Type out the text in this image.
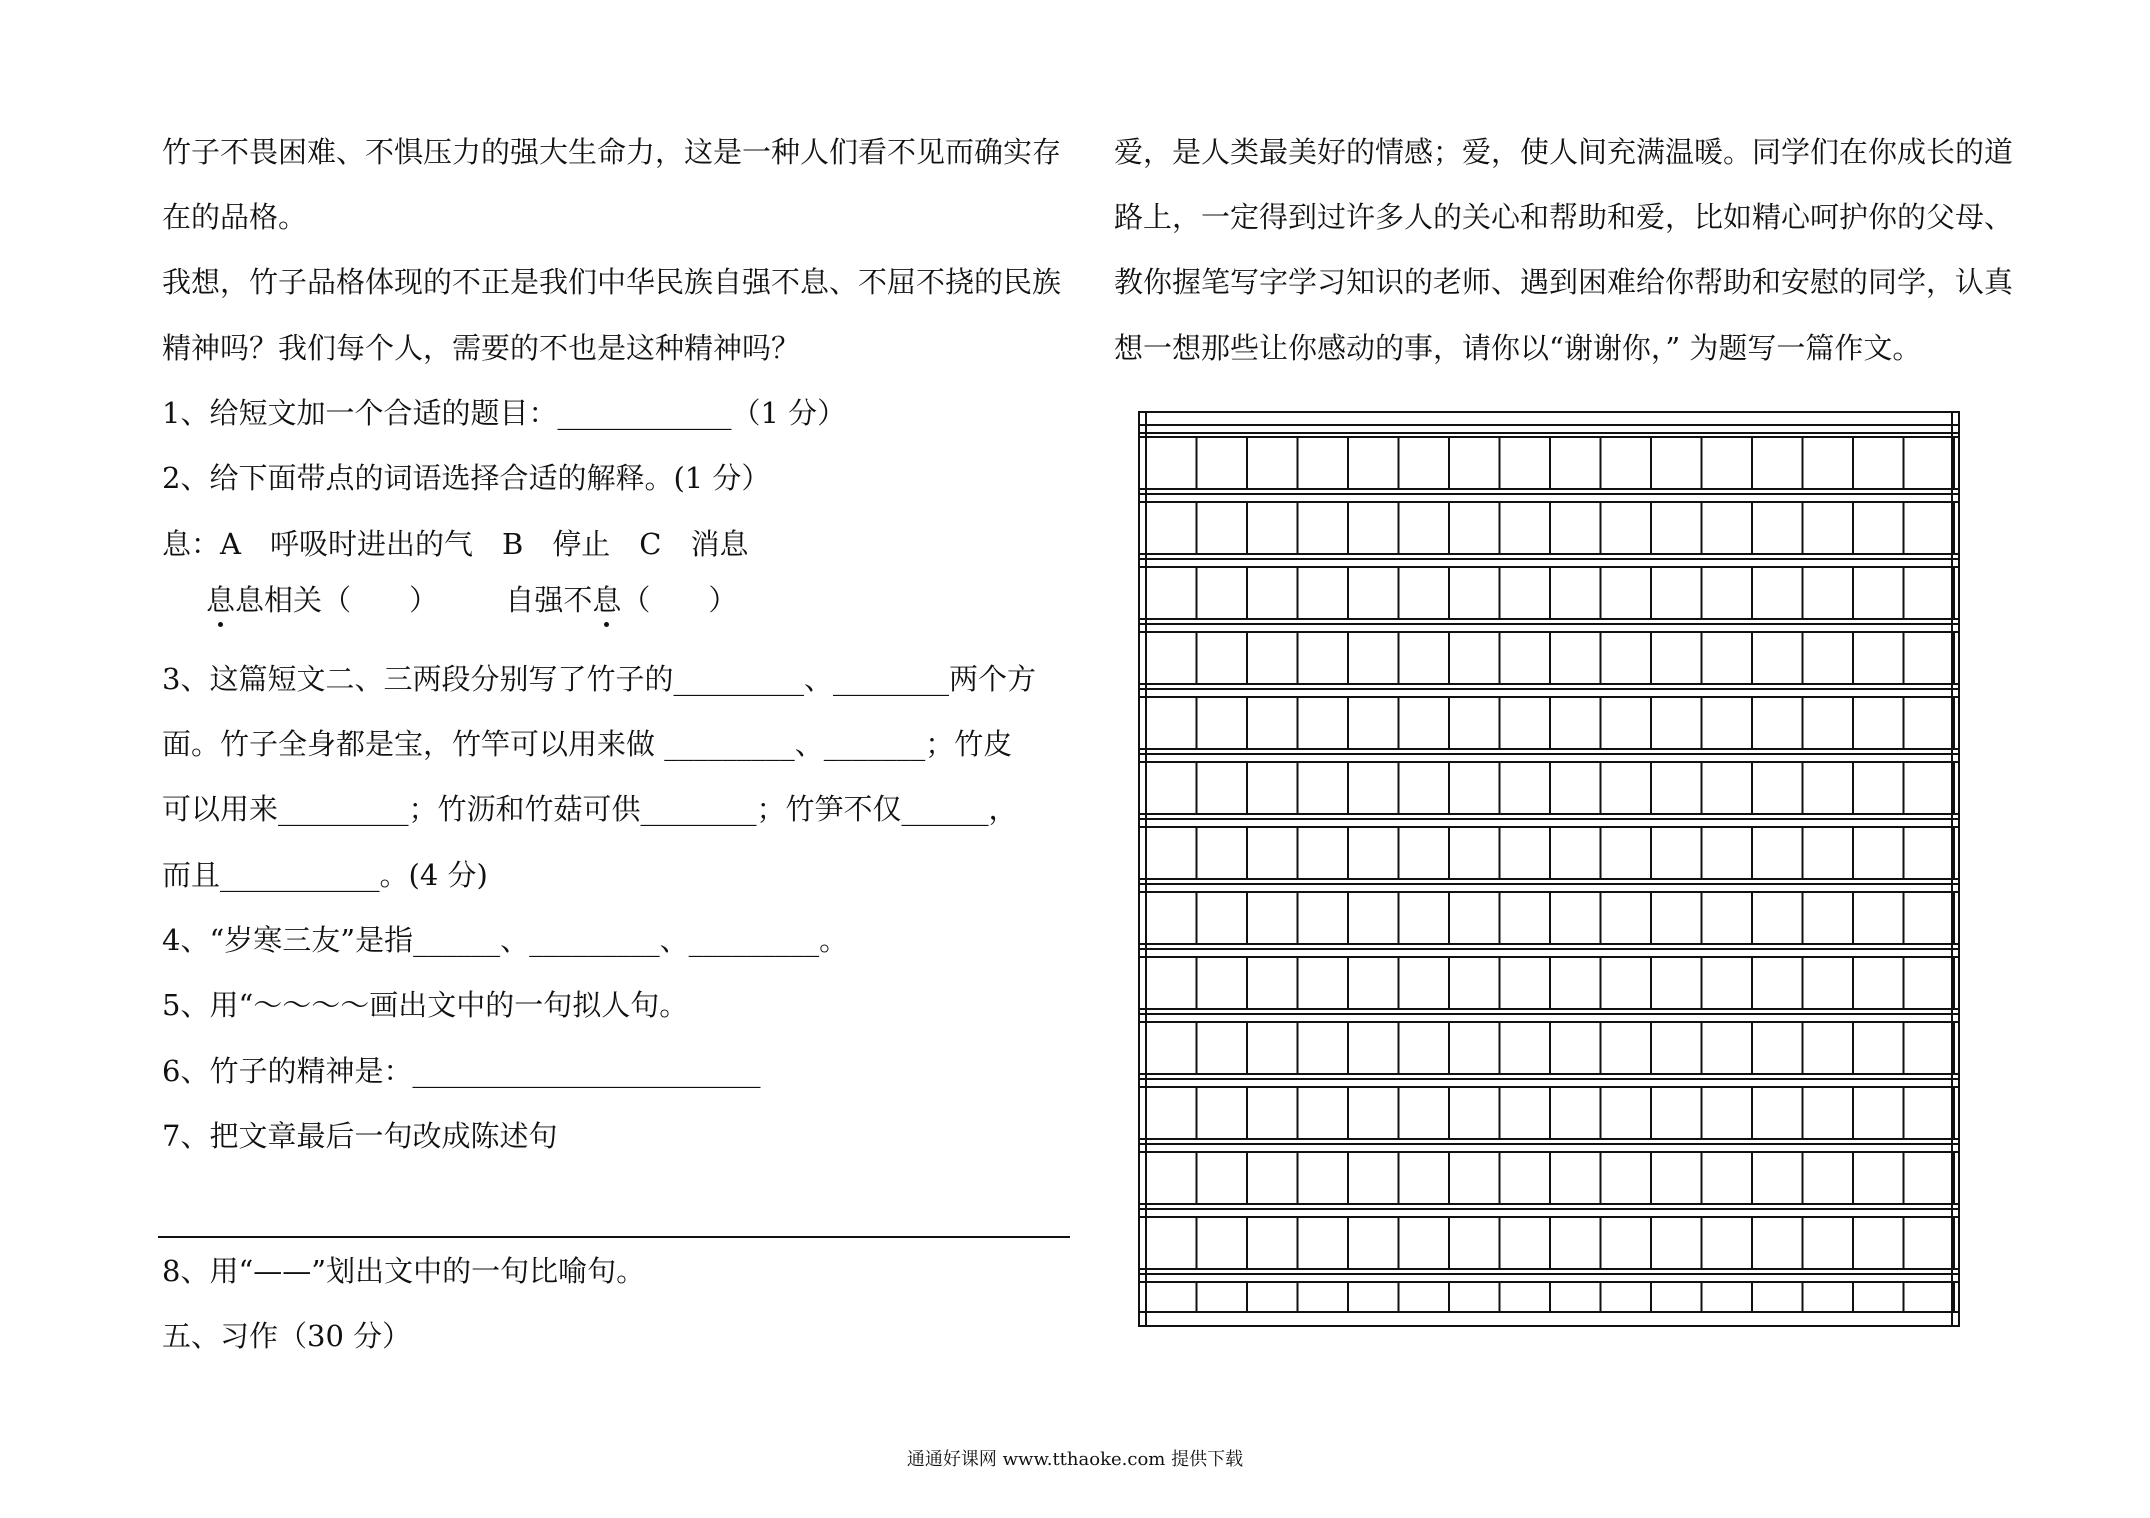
竹子不畏困难、不惧压力的强大生命力，这是一种人们看不见而确实存
在的品格。
我想，竹子品格体现的不正是我们中华民族自强不息、不屈不挠的民族
精神吗？我们每个人，需要的不也是这种精神吗？
1、给短文加一个合适的题目：____________（1 分）
2、给下面带点的词语选择合适的解释。(1 分）
息：A　呼吸时进出的气　B　停止　C　消息
息息相关（　　） 自强不息（　　）
3、这篇短文二、三两段分别写了竹子的_________、________两个方
面。竹子全身都是宝，竹竿可以用来做 _________、_______；竹皮
可以用来_________；竹沥和竹菇可供________；竹笋不仅______，
而且___________。(4 分)
4、“岁寒三友”是指______、_________、_________。
5、用“～～～～画出文中的一句拟人句。
6、竹子的精神是：________________________
7、把文章最后一句改成陈述句
8、用“——”划出文中的一句比喻句。
五、习作（30 分）
爱，是人类最美好的情感；爱，使人间充满温暖。同学们在你成长的道
路上，一定得到过许多人的关心和帮助和爱，比如精心呵护你的父母、
教你握笔写字学习知识的老师、遇到困难给你帮助和安慰的同学，认真
想一想那些让你感动的事，请你以“谢谢你，” 为题写一篇作文。
通通好课网 www.tthaoke.com 提供下载
